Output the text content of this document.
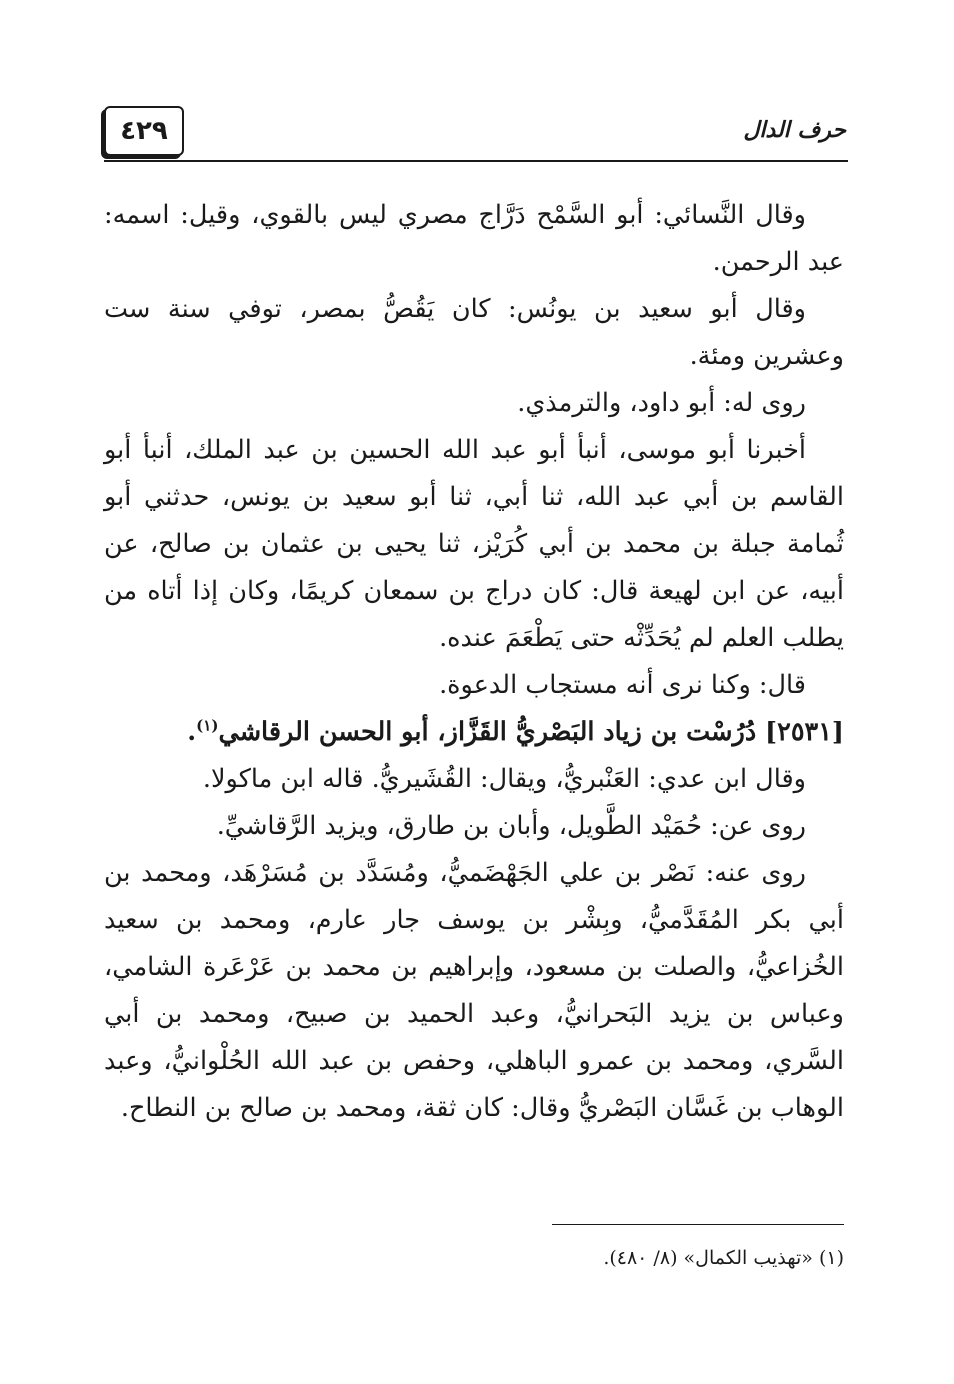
٤٢٩	حرف الدال

وقال النَّسائي: أبو السَّمْح دَرَّاج مصري ليس بالقوي، وقيل: اسمه: عبد الرحمن.

وقال أبو سعيد بن يونُس: كان يَقُصُّ بمصر، توفي سنة ست وعشرين ومئة.

روى له: أبو داود، والترمذي.

أخبرنا أبو موسى، أنبأ أبو عبد الله الحسين بن عبد الملك، أنبأ أبو القاسم بن أبي عبد الله، ثنا أبي، ثنا أبو سعيد بن يونس، حدثني أبو ثُمامة جبلة بن محمد بن أبي كُرَيْز، ثنا يحيى بن عثمان بن صالح، عن أبيه، عن ابن لهيعة قال: كان دراج بن سمعان كريمًا، وكان إذا أتاه من يطلب العلم لم يُحَدِّثْه حتى يَطْعَمَ عنده.

قال: وكنا نرى أنه مستجاب الدعوة.

[٢٥٣١] دُرُسْت بن زياد البَصْريُّ القَزَّاز، أبو الحسن الرقاشي$^{(١)}$.

وقال ابن عدي: العَنْبريُّ، ويقال: القُشَيريُّ. قاله ابن ماكولا.

روى عن: حُمَيْد الطَّويل، وأبان بن طارق، ويزيد الرَّقاشيِّ.

روى عنه: نَصْر بن علي الجَهْضَميُّ، ومُسَدَّد بن مُسَرْهَد، ومحمد بن أبي بكر المُقَدَّميُّ، وبِشْر بن يوسف جار عارم، ومحمد بن سعيد الخُزاعيُّ، والصلت بن مسعود، وإبراهيم بن محمد بن عَرْعَرة الشامي، وعباس بن يزيد البَحرانيُّ، وعبد الحميد بن صبيح، ومحمد بن أبي السَّري، ومحمد بن عمرو الباهلي، وحفص بن عبد الله الحُلْوانيُّ، وعبد الوهاب بن غَسَّان البَصْريُّ وقال: كان ثقة، ومحمد بن صالح بن النطاح.

(١) «تهذيب الكمال» (٨/ ٤٨٠).
